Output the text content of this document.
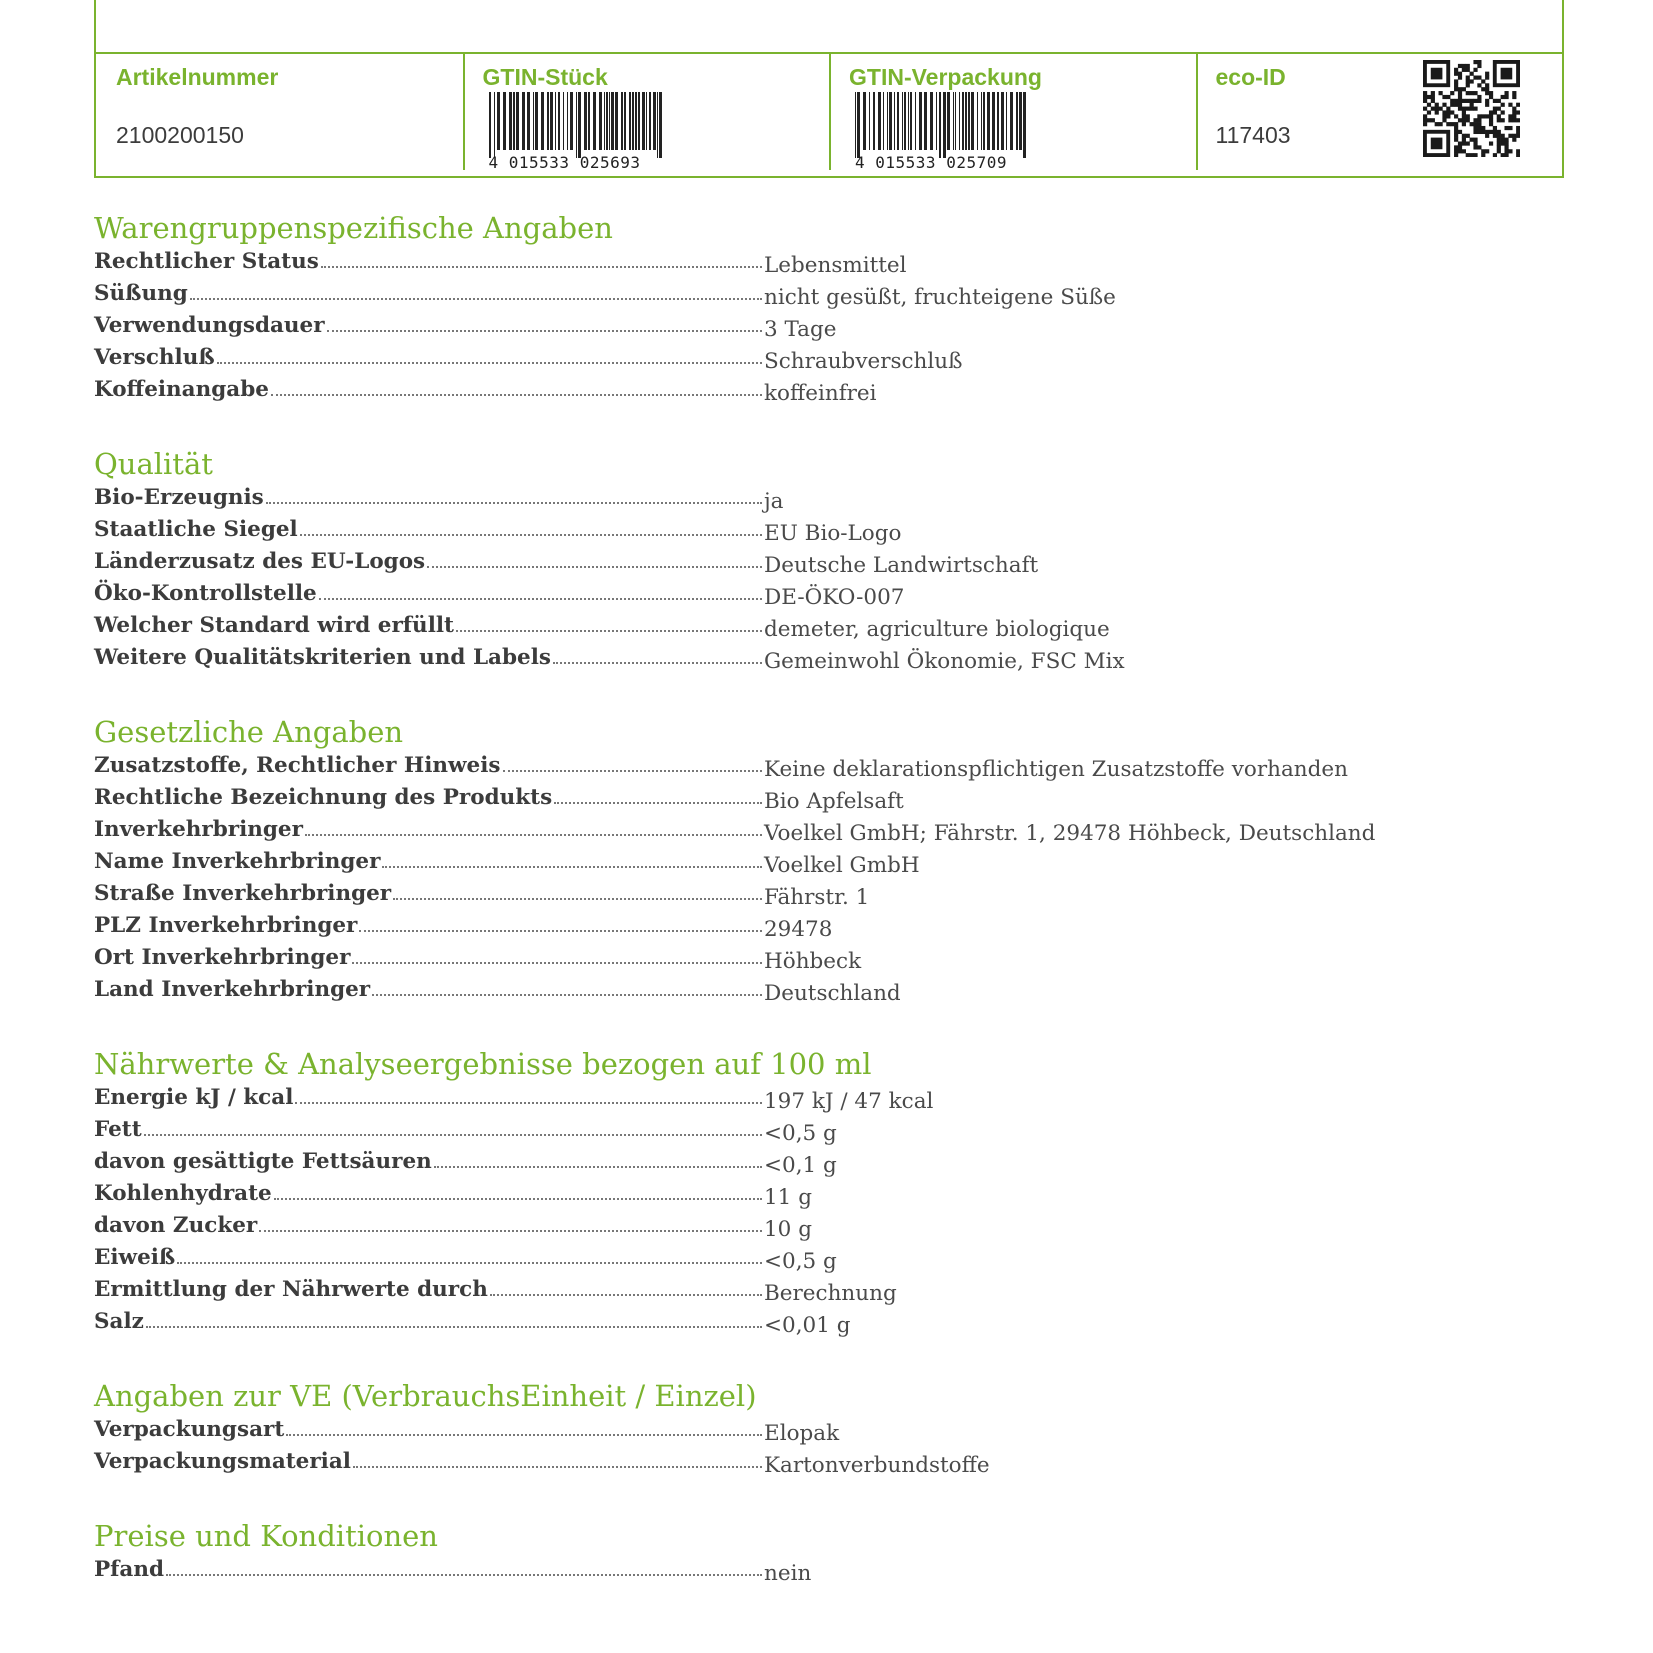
Artikelnummer
2100200150
GTIN-Stück
4 015533 025693
GTIN-Verpackung
4 015533 025709
eco-ID
117403
Warengruppenspezifische Angaben
Rechtlicher Status	Lebensmittel
Süßung	nicht gesüßt, fruchteigene Süße
Verwendungsdauer	3 Tage
Verschluß	Schraubverschluß
Koffeinangabe	koffeinfrei
Qualität
Bio-Erzeugnis	ja
Staatliche Siegel	EU Bio-Logo
Länderzusatz des EU-Logos	Deutsche Landwirtschaft
Öko-Kontrollstelle	DE-ÖKO-007
Welcher Standard wird erfüllt	demeter, agriculture biologique
Weitere Qualitätskriterien und Labels	Gemeinwohl Ökonomie, FSC Mix
Gesetzliche Angaben
Zusatzstoffe, Rechtlicher Hinweis	Keine deklarationspflichtigen Zusatzstoffe vorhanden
Rechtliche Bezeichnung des Produkts	Bio Apfelsaft
Inverkehrbringer	Voelkel GmbH; Fährstr. 1, 29478 Höhbeck, Deutschland
Name Inverkehrbringer	Voelkel GmbH
Straße Inverkehrbringer	Fährstr. 1
PLZ Inverkehrbringer	29478
Ort Inverkehrbringer	Höhbeck
Land Inverkehrbringer	Deutschland
Nährwerte & Analyseergebnisse bezogen auf 100 ml
Energie kJ / kcal	197 kJ / 47 kcal
Fett	<0,5 g
davon gesättigte Fettsäuren	<0,1 g
Kohlenhydrate	11 g
davon Zucker	10 g
Eiweiß	<0,5 g
Ermittlung der Nährwerte durch	Berechnung
Salz	<0,01 g
Angaben zur VE (VerbrauchsEinheit / Einzel)
Verpackungsart	Elopak
Verpackungsmaterial	Kartonverbundstoffe
Preise und Konditionen
Pfand	nein
